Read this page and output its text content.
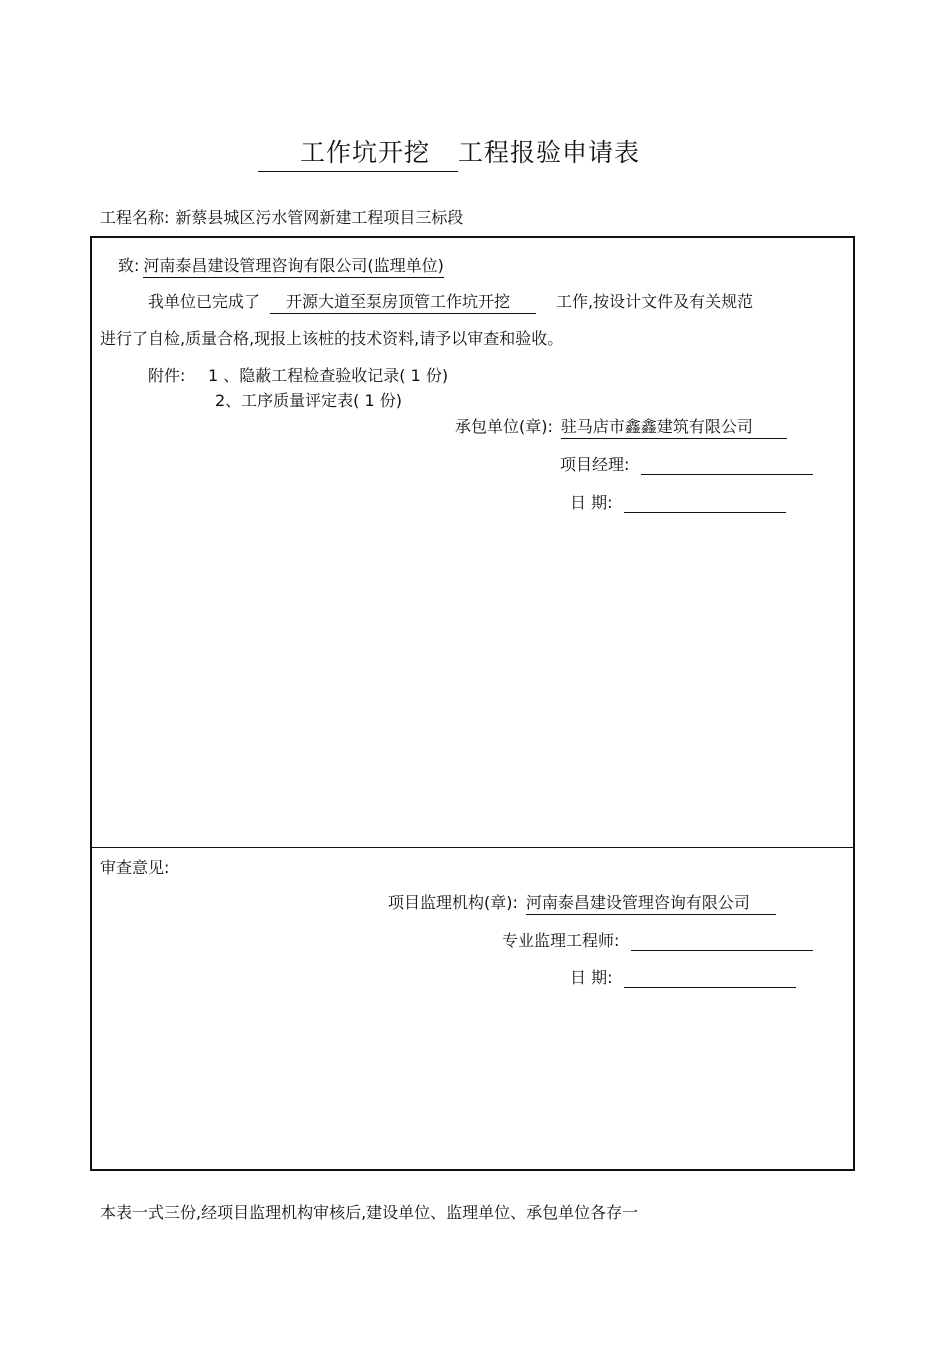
工作坑开挖 工程报验申请表
工程名称: 新蔡县城区污水管网新建工程项目三标段
致: 河南泰昌建设管理咨询有限公司(监理单位)
我单位已完成了 开源大道至泵房顶管工作坑开挖	工作,按设计文件及有关规范
进行了自检,质量合格,现报上该桩的技术资料,请予以审查和验收。
附件: 1 、隐蔽工程检查验收记录( 1 份)
2、工序质量评定表( 1 份)
承包单位(章): 驻马店市鑫鑫建筑有限公司
项目经理:
日 期:
审查意见:
项目监理机构(章): 河南泰昌建设管理咨询有限公司
专业监理工程师:
日 期:
本表一式三份,经项目监理机构审核后,建设单位、监理单位、承包单位各存一
